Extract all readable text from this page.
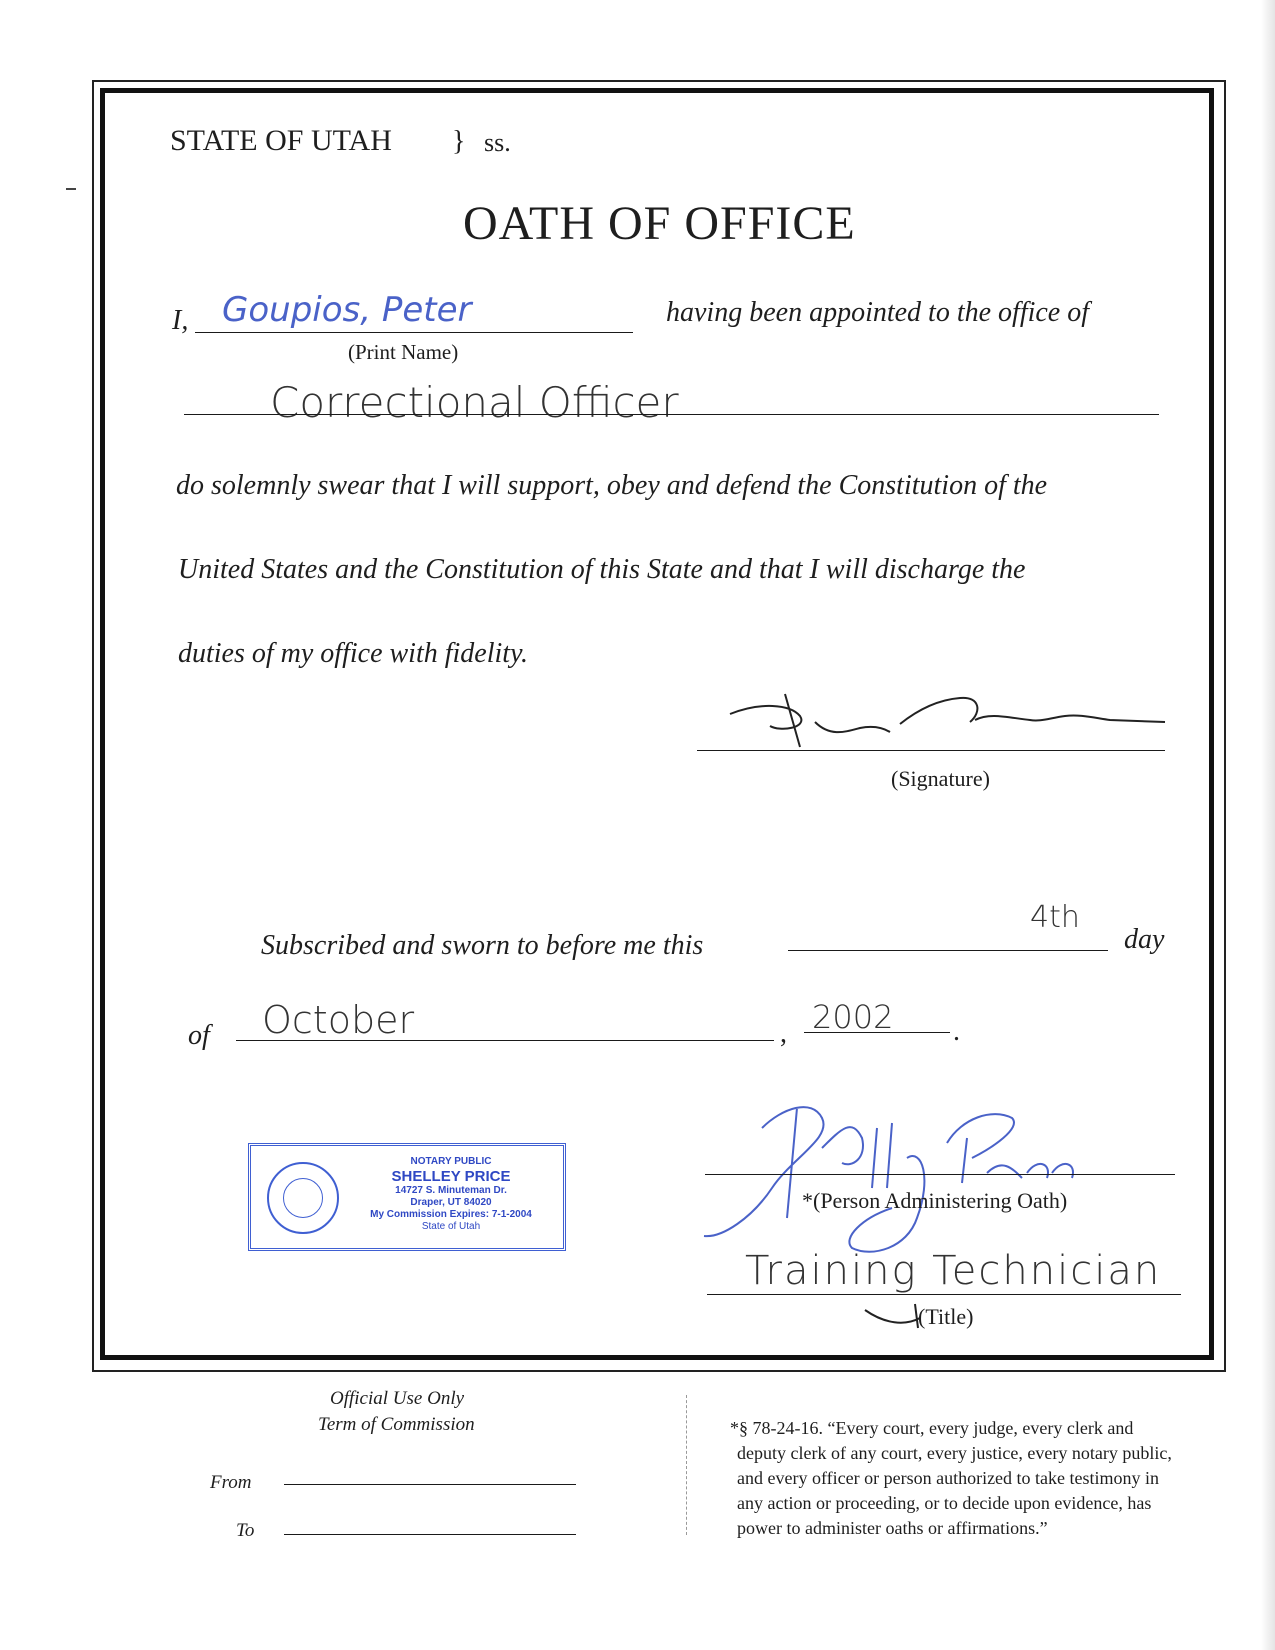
STATE OF UTAH } ss.
OATH OF OFFICE
I, Goupios, Peter
(Print Name)
having been appointed to the office of
Correctional Officer
do solemnly swear that I will support, obey and defend the Constitution of the
United States and the Constitution of this State and that I will discharge the
duties of my office with fidelity.
(Signature)
Subscribed and sworn to before me this
4th
day
of October	, 2002 .
NOTARY PUBLIC
SHELLEY PRICE
14727 S. Minuteman Dr.
Draper, UT 84020
My Commission Expires: 7-1-2004
State of Utah
*(Person Administering Oath)
Training Technician
(Title)
Official Use Only
Term of Commission
From
To
*§ 78-24-16. “Every court, every judge, every clerk and
deputy clerk of any court, every justice, every notary public,
and every officer or person authorized to take testimony in
any action or proceeding, or to decide upon evidence, has
power to administer oaths or affirmations.”
